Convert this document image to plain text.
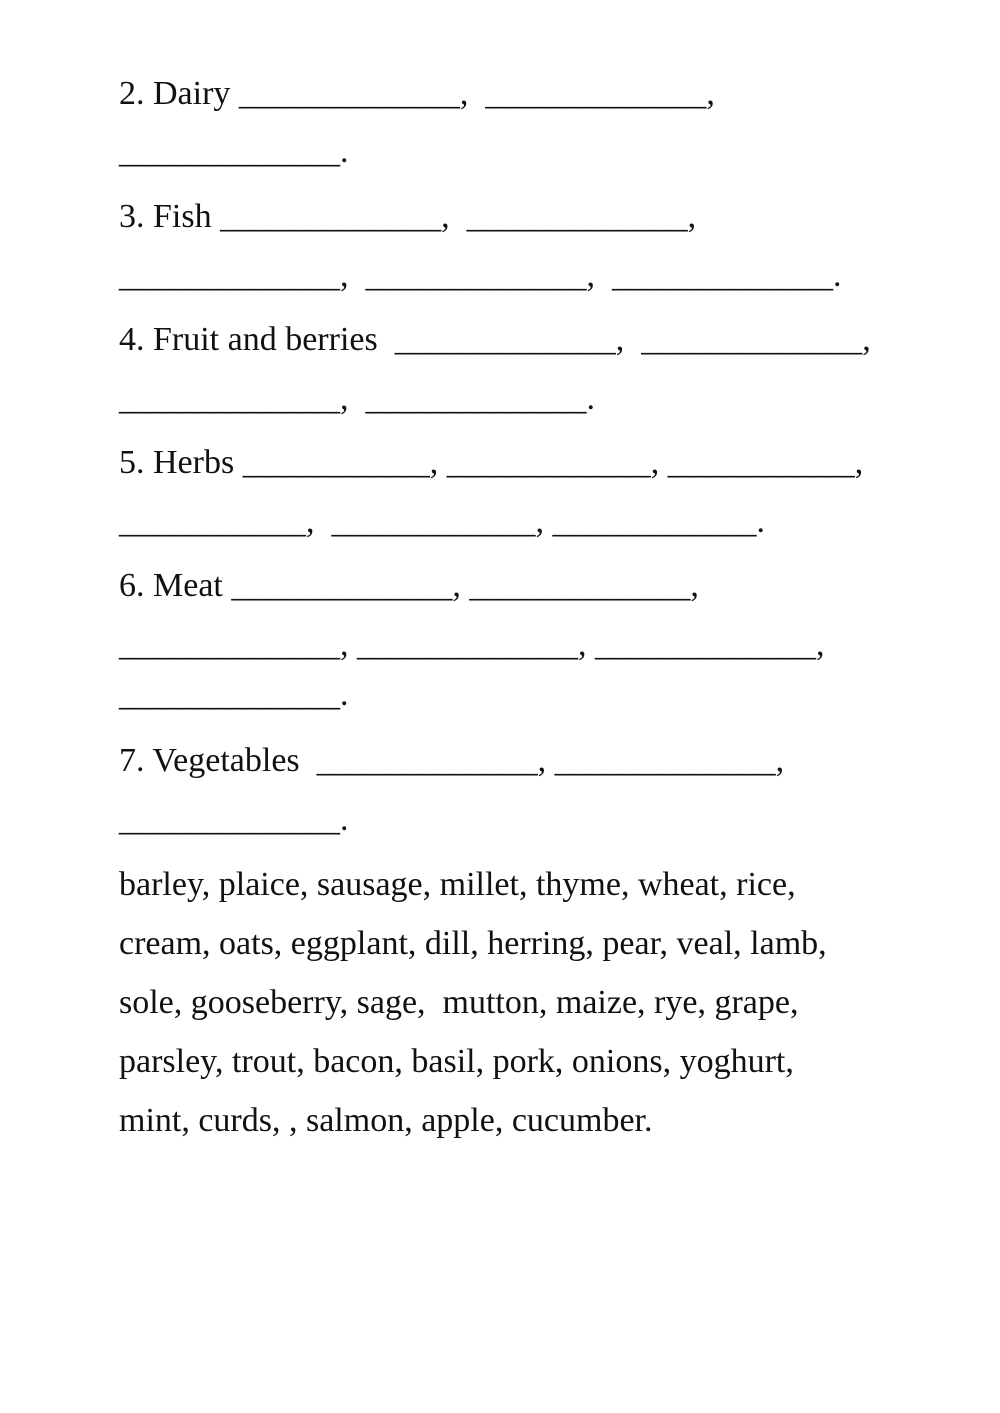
2. Dairy _____________,  _____________,

_____________.

3. Fish _____________,  _____________,

_____________,  _____________,  _____________.

4. Fruit and berries  _____________,  _____________,

_____________,  _____________.

5. Herbs ___________, ____________, ___________,

___________,  ____________, ____________.

6. Meat _____________, _____________,

_____________, _____________, _____________,

_____________.

7. Vegetables  _____________, _____________,

_____________.

barley, plaice, sausage, millet, thyme, wheat, rice,

cream, oats, eggplant, dill, herring, pear, veal, lamb,

sole, gooseberry, sage,  mutton, maize, rye, grape,

parsley, trout, bacon, basil, pork, onions, yoghurt,

mint, curds, , salmon, apple, cucumber.
